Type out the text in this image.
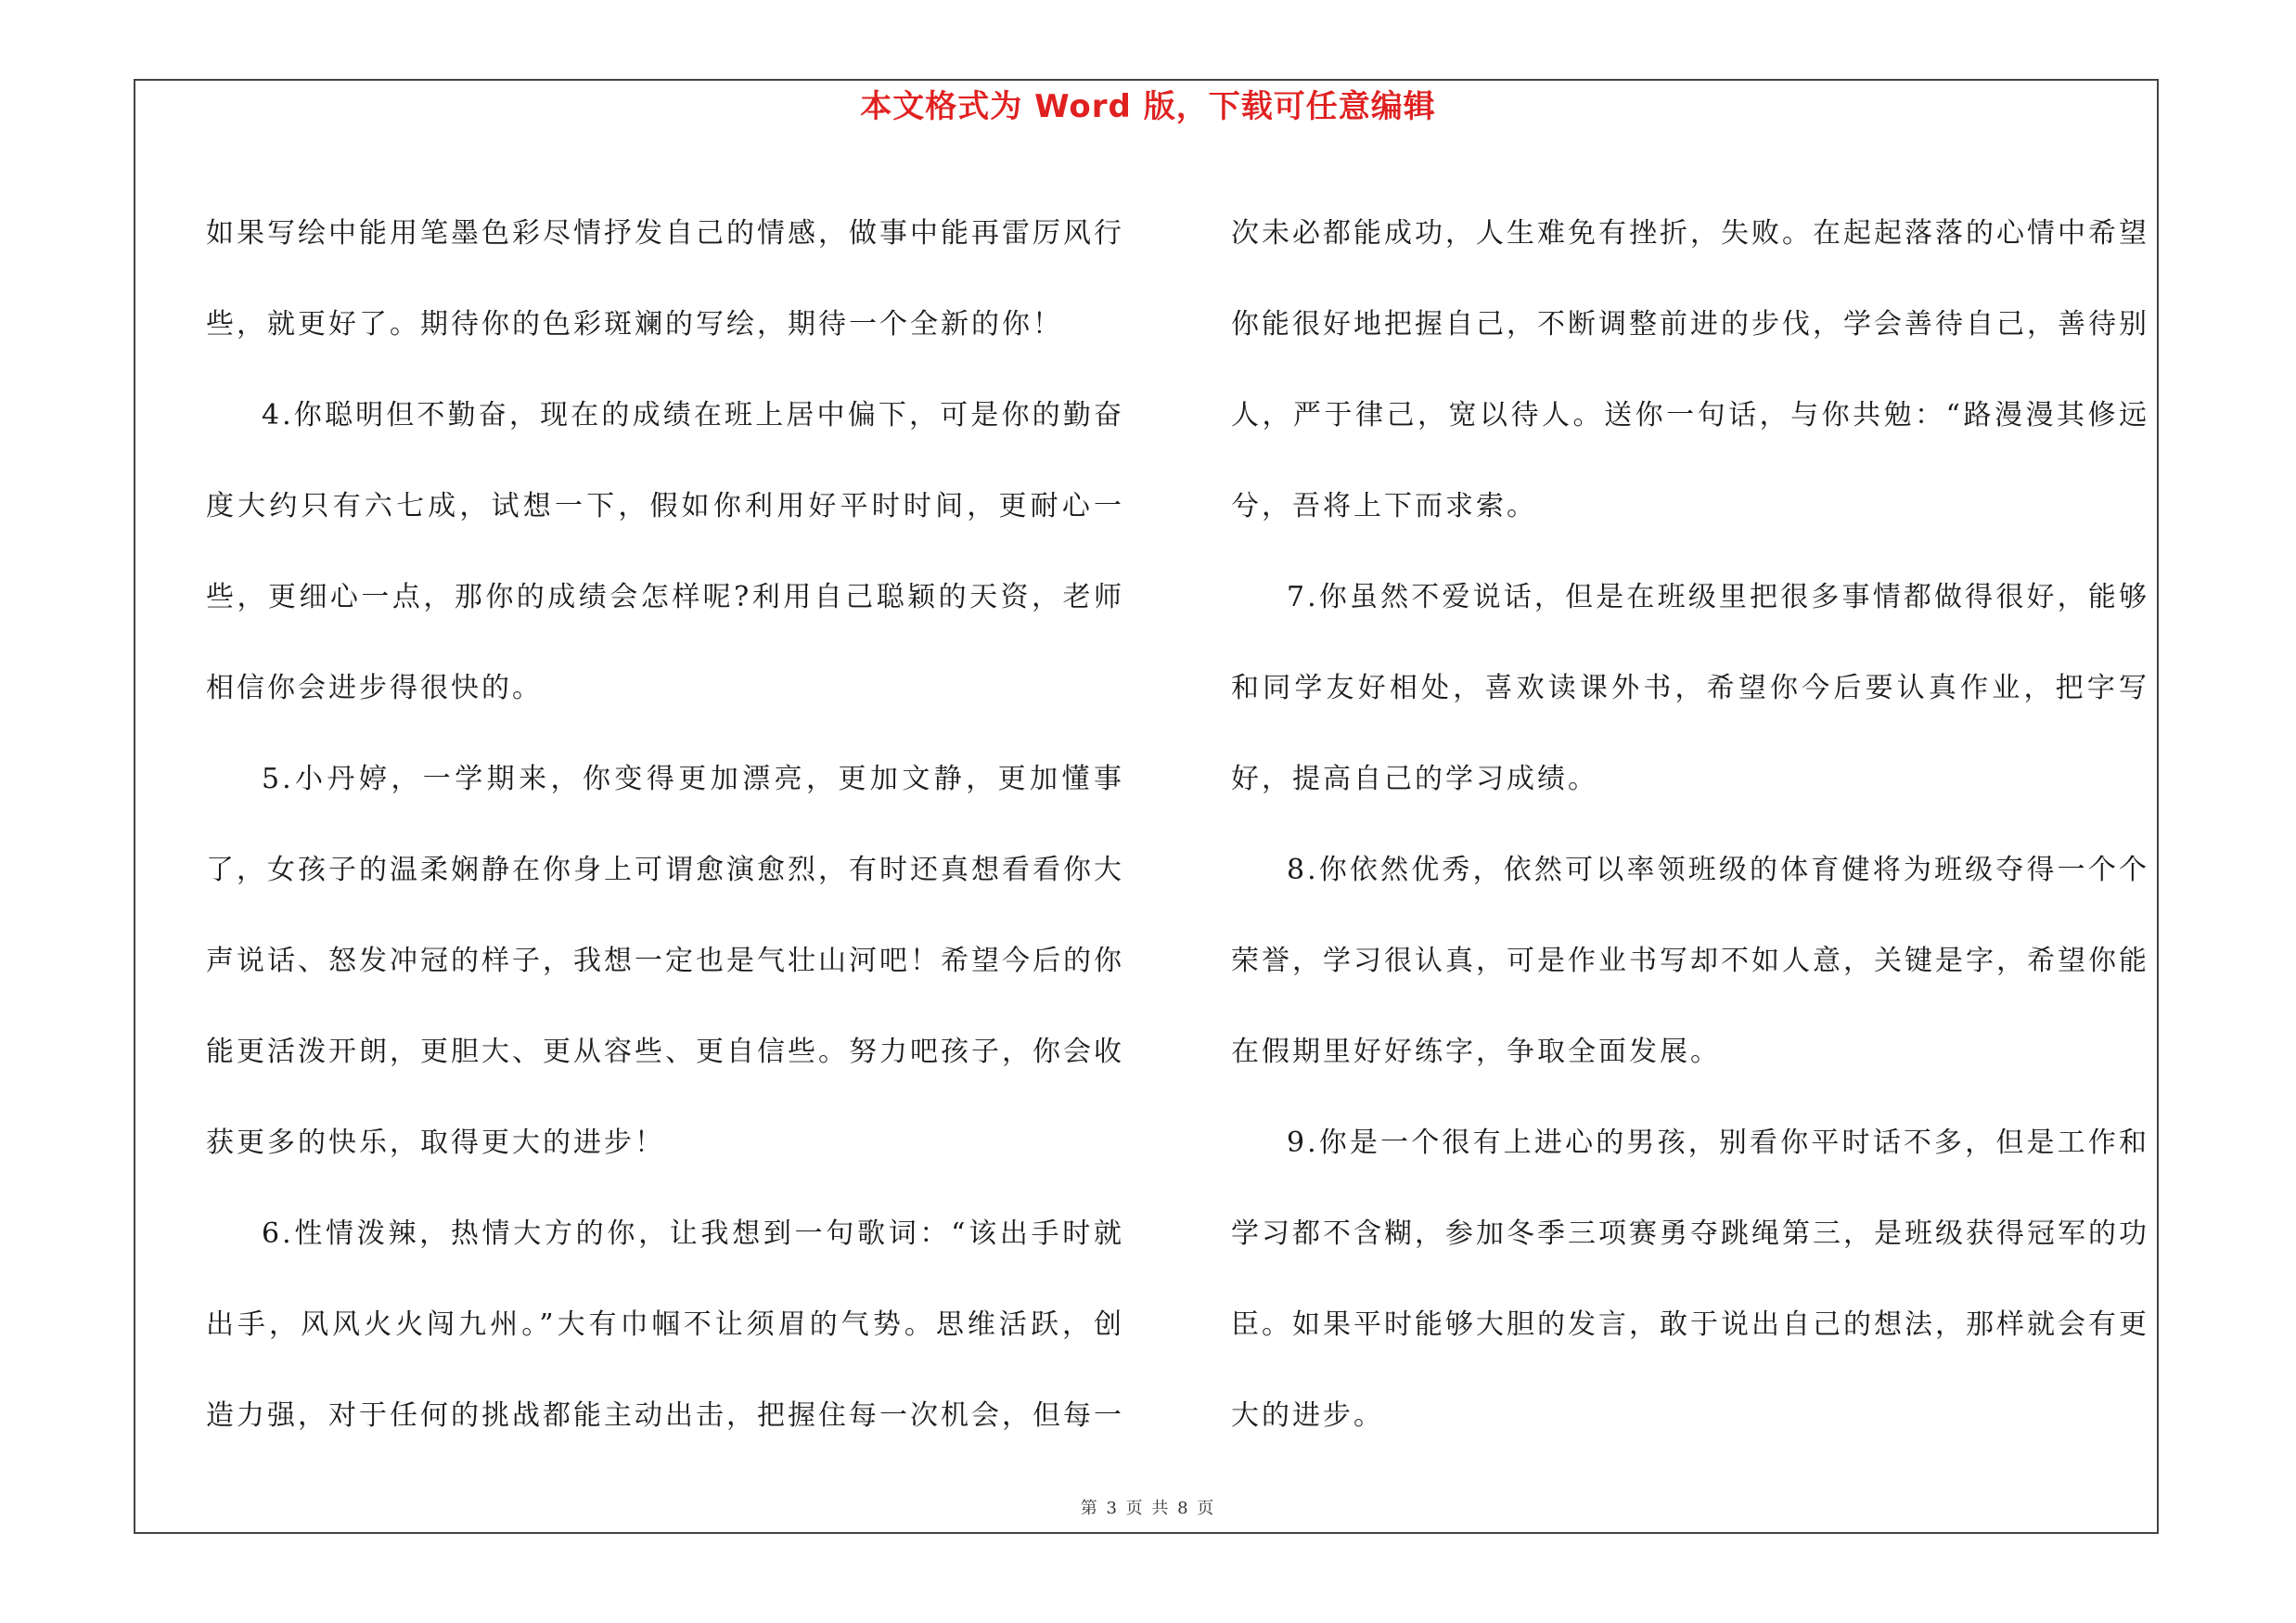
本文格式为 Word 版，下载可任意编辑

如果写绘中能用笔墨色彩尽情抒发自己的情感，做事中能再雷厉风行些，就更好了。期待你的色彩斑斓的写绘，期待一个全新的你！

4.你聪明但不勤奋，现在的成绩在班上居中偏下，可是你的勤奋度大约只有六七成，试想一下，假如你利用好平时时间，更耐心一些，更细心一点，那你的成绩会怎样呢?利用自己聪颖的天资，老师相信你会进步得很快的。

5.小丹婷，一学期来，你变得更加漂亮，更加文静，更加懂事了，女孩子的温柔娴静在你身上可谓愈演愈烈，有时还真想看看你大声说话、怒发冲冠的样子，我想一定也是气壮山河吧！希望今后的你能更活泼开朗，更胆大、更从容些、更自信些。努力吧孩子，你会收获更多的快乐，取得更大的进步！

6.性情泼辣，热情大方的你，让我想到一句歌词：“该出手时就出手，风风火火闯九州。”大有巾帼不让须眉的气势。思维活跃，创造力强，对于任何的挑战都能主动出击，把握住每一次机会，但每一

次未必都能成功，人生难免有挫折，失败。在起起落落的心情中希望你能很好地把握自己，不断调整前进的步伐，学会善待自己，善待别人，严于律己，宽以待人。送你一句话，与你共勉：“路漫漫其修远兮，吾将上下而求索。

7.你虽然不爱说话，但是在班级里把很多事情都做得很好，能够和同学友好相处，喜欢读课外书，希望你今后要认真作业，把字写好，提高自己的学习成绩。

8.你依然优秀，依然可以率领班级的体育健将为班级夺得一个个荣誉，学习很认真，可是作业书写却不如人意，关键是字，希望你能在假期里好好练字，争取全面发展。

9.你是一个很有上进心的男孩，别看你平时话不多，但是工作和学习都不含糊，参加冬季三项赛勇夺跳绳第三，是班级获得冠军的功臣。如果平时能够大胆的发言，敢于说出自己的想法，那样就会有更大的进步。

第 3 页 共 8 页
